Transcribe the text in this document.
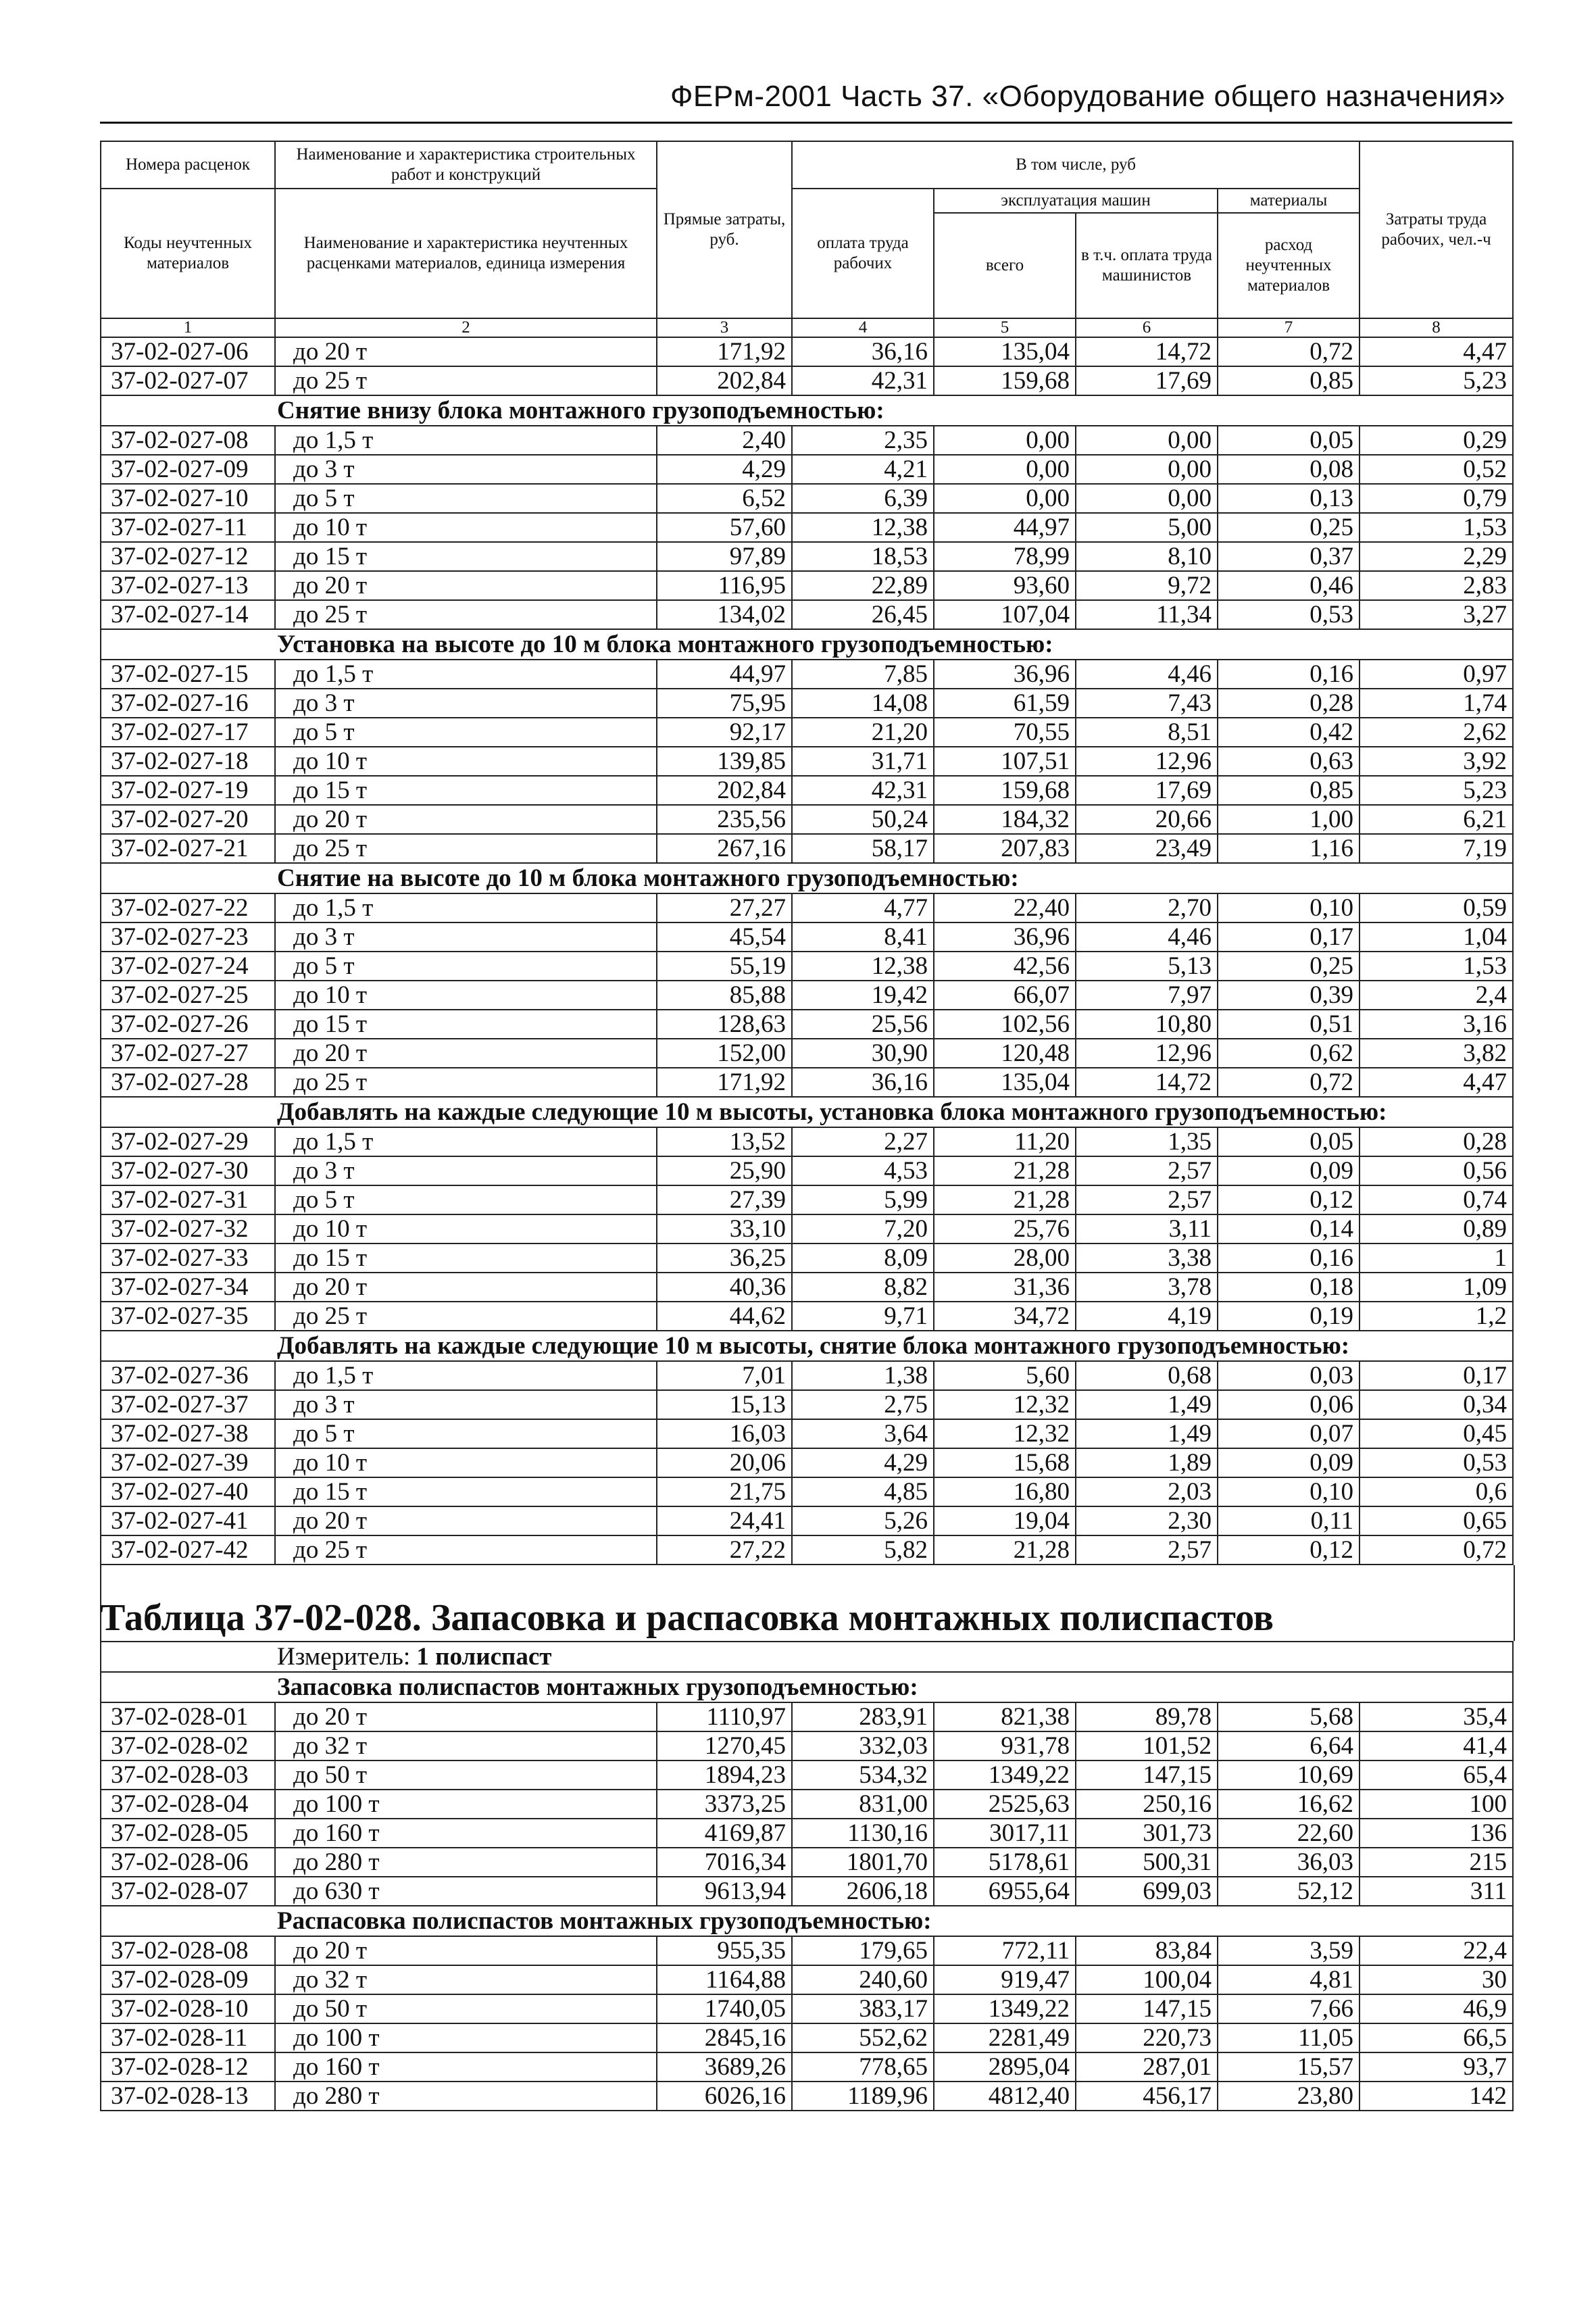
ФЕРм-2001 Часть 37. «Оборудование общего назначения»
Номера расценок	Наименование и характеристика строительных работ и конструкций	Прямые затраты, руб.	В том числе, руб				Затраты труда рабочих, чел.-ч
Коды неучтенных материалов	Наименование и характеристика неучтенных расценками материалов, единица измерения		оплата труда рабочих	эксплуатация машин		материалы	
				всего	в т.ч. оплата труда машинистов	расход неучтенных материалов	
1	2	3	4	5	6	7	8
37-02-027-06	до 20 т	171,92	36,16	135,04	14,72	0,72	4,47
37-02-027-07	до 25 т	202,84	42,31	159,68	17,69	0,85	5,23
Снятие внизу блока монтажного грузоподъемностью:							
37-02-027-08	до 1,5 т	2,40	2,35	0,00	0,00	0,05	0,29
37-02-027-09	до 3 т	4,29	4,21	0,00	0,00	0,08	0,52
37-02-027-10	до 5 т	6,52	6,39	0,00	0,00	0,13	0,79
37-02-027-11	до 10 т	57,60	12,38	44,97	5,00	0,25	1,53
37-02-027-12	до 15 т	97,89	18,53	78,99	8,10	0,37	2,29
37-02-027-13	до 20 т	116,95	22,89	93,60	9,72	0,46	2,83
37-02-027-14	до 25 т	134,02	26,45	107,04	11,34	0,53	3,27
Установка на высоте до 10 м блока монтажного грузоподъемностью:							
37-02-027-15	до 1,5 т	44,97	7,85	36,96	4,46	0,16	0,97
37-02-027-16	до 3 т	75,95	14,08	61,59	7,43	0,28	1,74
37-02-027-17	до 5 т	92,17	21,20	70,55	8,51	0,42	2,62
37-02-027-18	до 10 т	139,85	31,71	107,51	12,96	0,63	3,92
37-02-027-19	до 15 т	202,84	42,31	159,68	17,69	0,85	5,23
37-02-027-20	до 20 т	235,56	50,24	184,32	20,66	1,00	6,21
37-02-027-21	до 25 т	267,16	58,17	207,83	23,49	1,16	7,19
Снятие на высоте до 10 м блока монтажного грузоподъемностью:							
37-02-027-22	до 1,5 т	27,27	4,77	22,40	2,70	0,10	0,59
37-02-027-23	до 3 т	45,54	8,41	36,96	4,46	0,17	1,04
37-02-027-24	до 5 т	55,19	12,38	42,56	5,13	0,25	1,53
37-02-027-25	до 10 т	85,88	19,42	66,07	7,97	0,39	2,4
37-02-027-26	до 15 т	128,63	25,56	102,56	10,80	0,51	3,16
37-02-027-27	до 20 т	152,00	30,90	120,48	12,96	0,62	3,82
37-02-027-28	до 25 т	171,92	36,16	135,04	14,72	0,72	4,47
Добавлять на каждые следующие 10 м высоты, установка блока монтажного грузоподъемностью:							
37-02-027-29	до 1,5 т	13,52	2,27	11,20	1,35	0,05	0,28
37-02-027-30	до 3 т	25,90	4,53	21,28	2,57	0,09	0,56
37-02-027-31	до 5 т	27,39	5,99	21,28	2,57	0,12	0,74
37-02-027-32	до 10 т	33,10	7,20	25,76	3,11	0,14	0,89
37-02-027-33	до 15 т	36,25	8,09	28,00	3,38	0,16	1
37-02-027-34	до 20 т	40,36	8,82	31,36	3,78	0,18	1,09
37-02-027-35	до 25 т	44,62	9,71	34,72	4,19	0,19	1,2
Добавлять на каждые следующие 10 м высоты, снятие блока монтажного грузоподъемностью:							
37-02-027-36	до 1,5 т	7,01	1,38	5,60	0,68	0,03	0,17
37-02-027-37	до 3 т	15,13	2,75	12,32	1,49	0,06	0,34
37-02-027-38	до 5 т	16,03	3,64	12,32	1,49	0,07	0,45
37-02-027-39	до 10 т	20,06	4,29	15,68	1,89	0,09	0,53
37-02-027-40	до 15 т	21,75	4,85	16,80	2,03	0,10	0,6
37-02-027-41	до 20 т	24,41	5,26	19,04	2,30	0,11	0,65
37-02-027-42	до 25 т	27,22	5,82	21,28	2,57	0,12	0,72
Таблица 37-02-028. Запасовка и распасовка монтажных полиспастов
Измеритель: 1 полиспаст							
Запасовка полиспастов монтажных грузоподъемностью:							
37-02-028-01	до 20 т	1110,97	283,91	821,38	89,78	5,68	35,4
37-02-028-02	до 32 т	1270,45	332,03	931,78	101,52	6,64	41,4
37-02-028-03	до 50 т	1894,23	534,32	1349,22	147,15	10,69	65,4
37-02-028-04	до 100 т	3373,25	831,00	2525,63	250,16	16,62	100
37-02-028-05	до 160 т	4169,87	1130,16	3017,11	301,73	22,60	136
37-02-028-06	до 280 т	7016,34	1801,70	5178,61	500,31	36,03	215
37-02-028-07	до 630 т	9613,94	2606,18	6955,64	699,03	52,12	311
Распасовка полиспастов монтажных грузоподъемностью:							
37-02-028-08	до 20 т	955,35	179,65	772,11	83,84	3,59	22,4
37-02-028-09	до 32 т	1164,88	240,60	919,47	100,04	4,81	30
37-02-028-10	до 50 т	1740,05	383,17	1349,22	147,15	7,66	46,9
37-02-028-11	до 100 т	2845,16	552,62	2281,49	220,73	11,05	66,5
37-02-028-12	до 160 т	3689,26	778,65	2895,04	287,01	15,57	93,7
37-02-028-13	до 280 т	6026,16	1189,96	4812,40	456,17	23,80	142
